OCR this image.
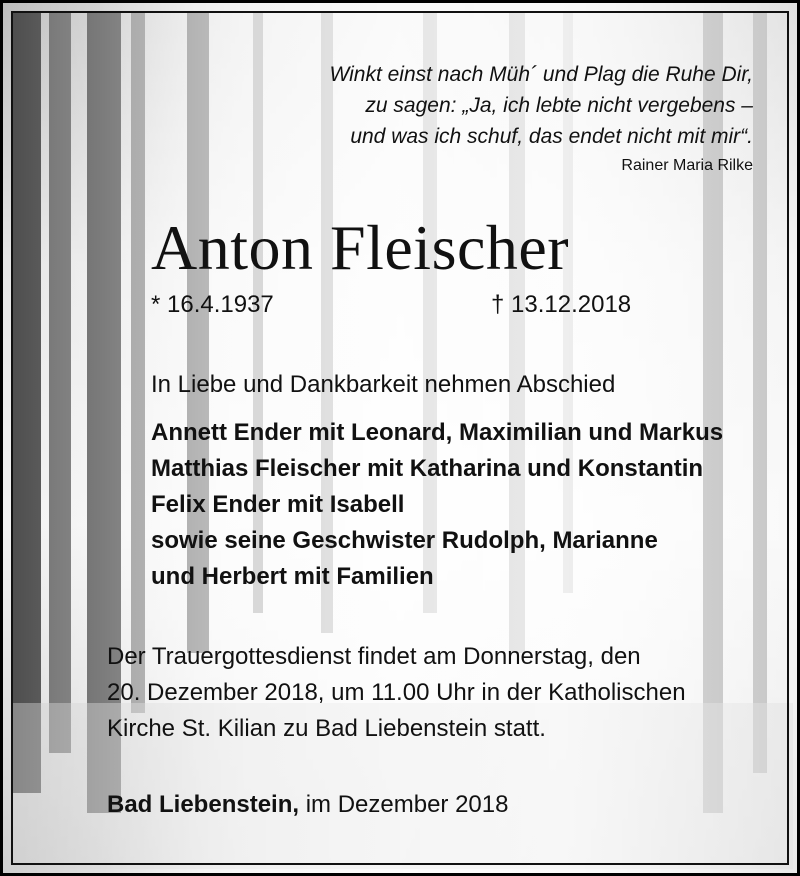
Winkt einst nach Müh´ und Plag die Ruhe Dir,
zu sagen: „Ja, ich lebte nicht vergebens –
und was ich schuf, das endet nicht mit mir“.
Rainer Maria Rilke
Anton Fleischer
* 16.4.1937	† 13.12.2018
In Liebe und Dankbarkeit nehmen Abschied
Annett Ender mit Leonard, Maximilian und Markus
Matthias Fleischer mit Katharina und Konstantin
Felix Ender mit Isabell
sowie seine Geschwister Rudolph, Marianne
und Herbert mit Familien
Der Trauergottesdienst findet am Donnerstag, den
20. Dezember 2018, um 11.00 Uhr in der Katholischen
Kirche St. Kilian zu Bad Liebenstein statt.
Bad Liebenstein, im Dezember 2018
